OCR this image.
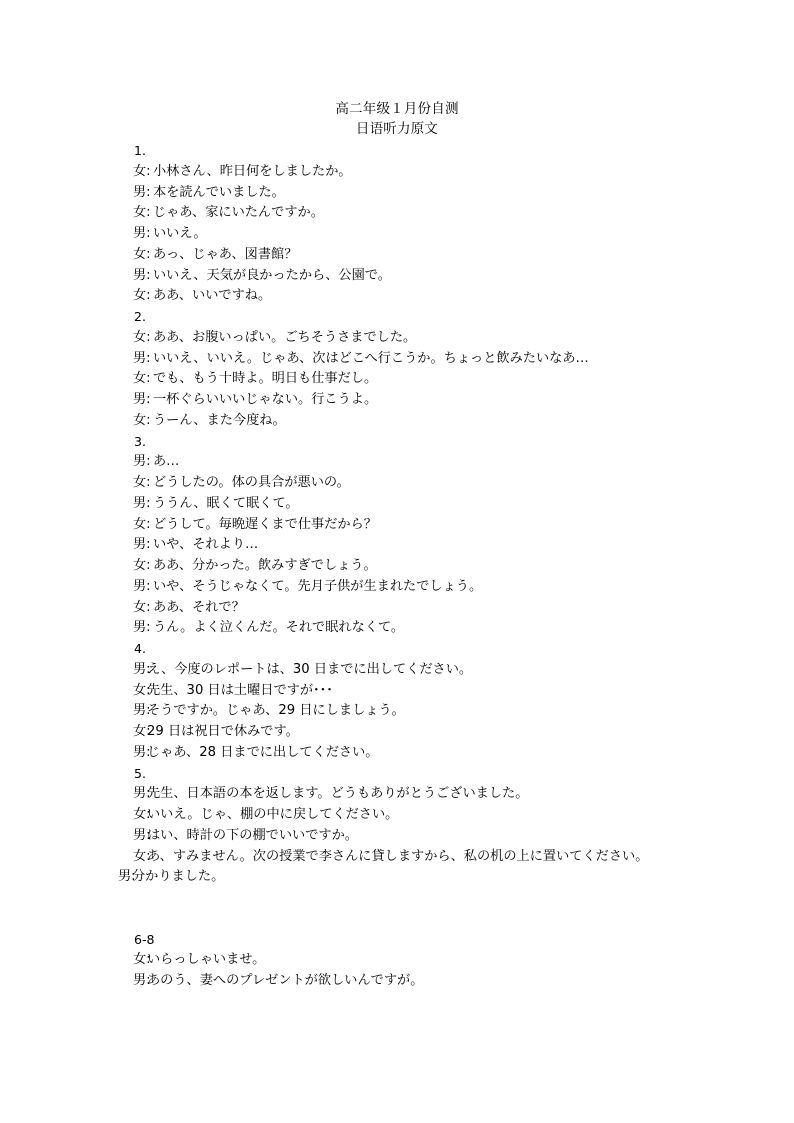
高二年级１月份自测
日语听力原文
1.
女: 小林さん、昨日何をしましたか。
男: 本を読んでいました。
女: じゃあ、家にいたんですか。
男: いいえ。
女: あっ、じゃあ、図書館？
男: いいえ、天気が良かったから、公園で。
女: ああ、いいですね。
2.
女: ああ、お腹いっぱい。ごちそうさまでした。
男: いいえ、いいえ。じゃあ、次はどこへ行こうか。ちょっと飲みたいなあ…
女: でも、もう十時よ。明日も仕事だし。
男: 一杯ぐらいいいじゃない。行こうよ。
女: うーん、また今度ね。
3.
男: あ…
女: どうしたの。体の具合が悪いの。
男: ううん、眠くて眠くて。
女: どうして。毎晩遅くまで仕事だから？
男: いや、それより…
女: ああ、分かった。飲みすぎでしょう。
男: いや、そうじゃなくて。先月子供が生まれたでしょう。
女: ああ、それで？
男: うん。よく泣くんだ。それで眠れなくて。
4.
男:え、今度のレポートは、30 日までに出してください。
女:先生、30 日は土曜日ですが･･･
男:そうですか。じゃあ、29 日にしましょう。
女:29 日は祝日で休みです。
男:じゃあ、28 日までに出してください。
5.
男:先生、日本語の本を返します。どうもありがとうございました。
女:いいえ。じゃ、棚の中に戻してください。
男:はい、時計の下の棚でいいですか。
女:あ、すみません。次の授業で李さんに貸しますから、私の机の上に置いてください。
男:分かりました。
6-8
女:いらっしゃいませ。
男:あのう、妻へのプレゼントが欲しいんですが。
